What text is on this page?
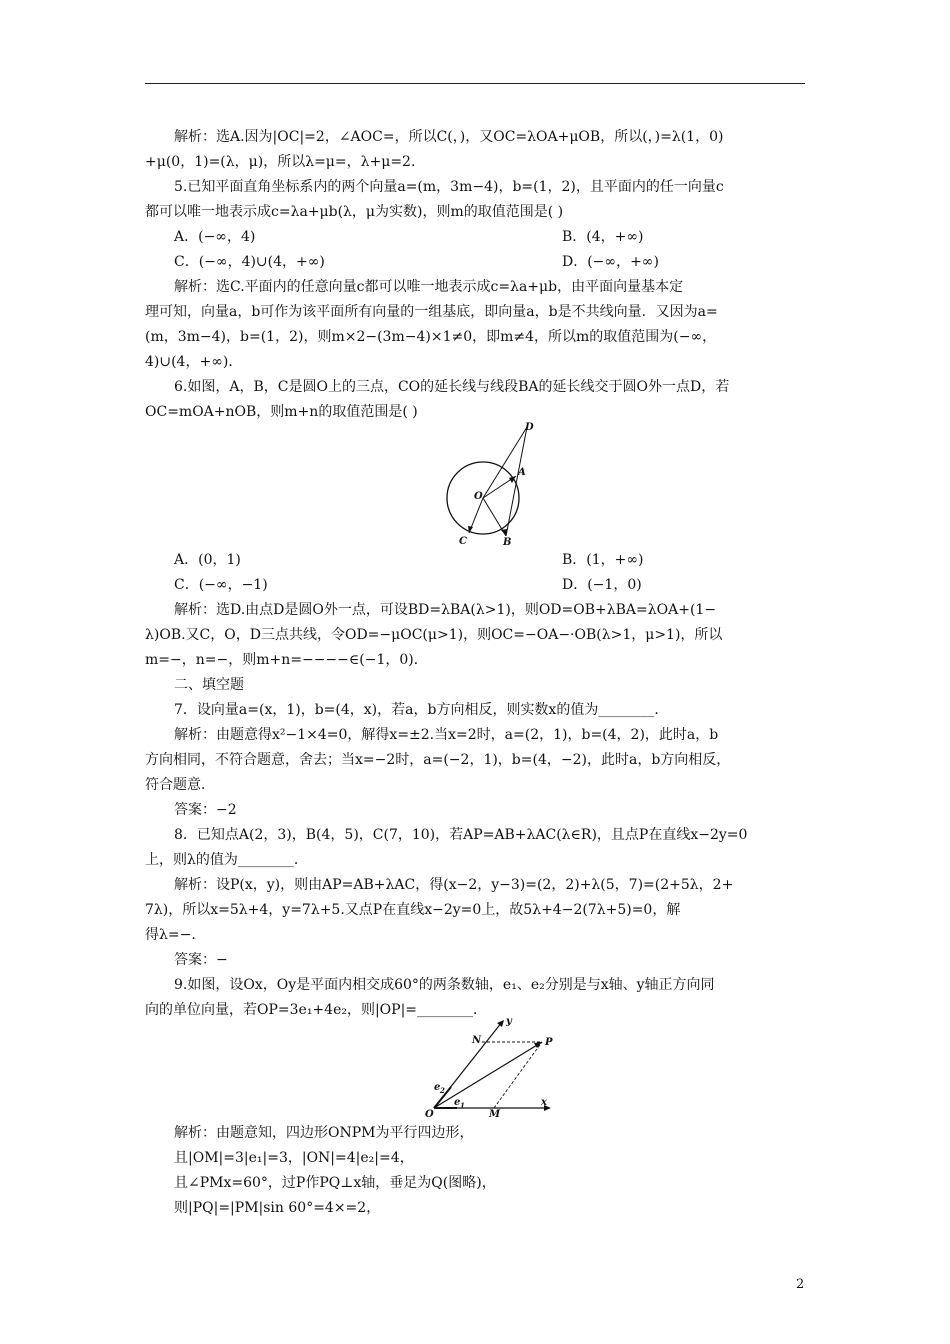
解析：选A.因为|OC|=2，∠AOC=，所以C(，)，又OC=λOA+μOB，所以(，)=λ(1，0)
+μ(0，1)=(λ，μ)，所以λ=μ=，λ+μ=2.
5.已知平面直角坐标系内的两个向量a=(m，3m−4)，b=(1，2)，且平面内的任一向量c
都可以唯一地表示成c=λa+μb(λ，μ为实数)，则m的取值范围是( )
A．(−∞，4)	B．(4，+∞)
C．(−∞，4)∪(4，+∞)	D．(−∞，+∞)
解析：选C.平面内的任意向量c都可以唯一地表示成c=λa+μb，由平面向量基本定
理可知，向量a，b可作为该平面所有向量的一组基底，即向量a，b是不共线向量．又因为a=
(m，3m−4)，b=(1，2)，则m×2−(3m−4)×1≠0，即m≠4，所以m的取值范围为(−∞，
4)∪(4，+∞)．
6.如图，A，B，C是圆O上的三点，CO的延长线与线段BA的延长线交于圆O外一点D，若
OC=mOA+nOB，则m+n的取值范围是( )
D
A
O
C	B
A．(0，1)	B．(1，+∞)
C．(−∞，−1)	D．(−1，0)
解析：选D.由点D是圆O外一点，可设BD=λBA(λ>1)，则OD=OB+λBA=λOA+(1−
λ)OB.又C，O，D三点共线，令OD=−μOC(μ>1)，则OC=−OA−·OB(λ>1，μ>1)，所以
m=−，n=−，则m+n=−−−−∈(−1，0)．
二、填空题
7．设向量a=(x，1)，b=(4，x)，若a，b方向相反，则实数x的值为________．
解析：由题意得x²−1×4=0，解得x=±2.当x=2时，a=(2，1)，b=(4，2)，此时a，b
方向相同，不符合题意，舍去；当x=−2时，a=(−2，1)，b=(4，−2)，此时a，b方向相反，
符合题意．
答案：−2
8．已知点A(2，3)，B(4，5)，C(7，10)，若AP=AB+λAC(λ∈R)，且点P在直线x−2y=0
上，则λ的值为________．
解析：设P(x，y)，则由AP=AB+λAC，得(x−2，y−3)=(2，2)+λ(5，7)=(2+5λ，2+
7λ)，所以x=5λ+4，y=7λ+5.又点P在直线x−2y=0上，故5λ+4−2(7λ+5)=0，解
得λ=−.
答案：−
9.如图，设Ox，Oy是平面内相交成60°的两条数轴，e₁、e₂分别是与x轴、y轴正方向同
向的单位向量，若OP=3e₁+4e₂，则|OP|=________．
y
N	P
e 2
e 1
O	M
x
解析：由题意知，四边形ONPM为平行四边形，
且|OM|=3|e₁|=3，|ON|=4|e₂|=4，
且∠PMx=60°，过P作PQ⊥x轴，垂足为Q(图略)，
则|PQ|=|PM|sin 60°=4×=2，
2
